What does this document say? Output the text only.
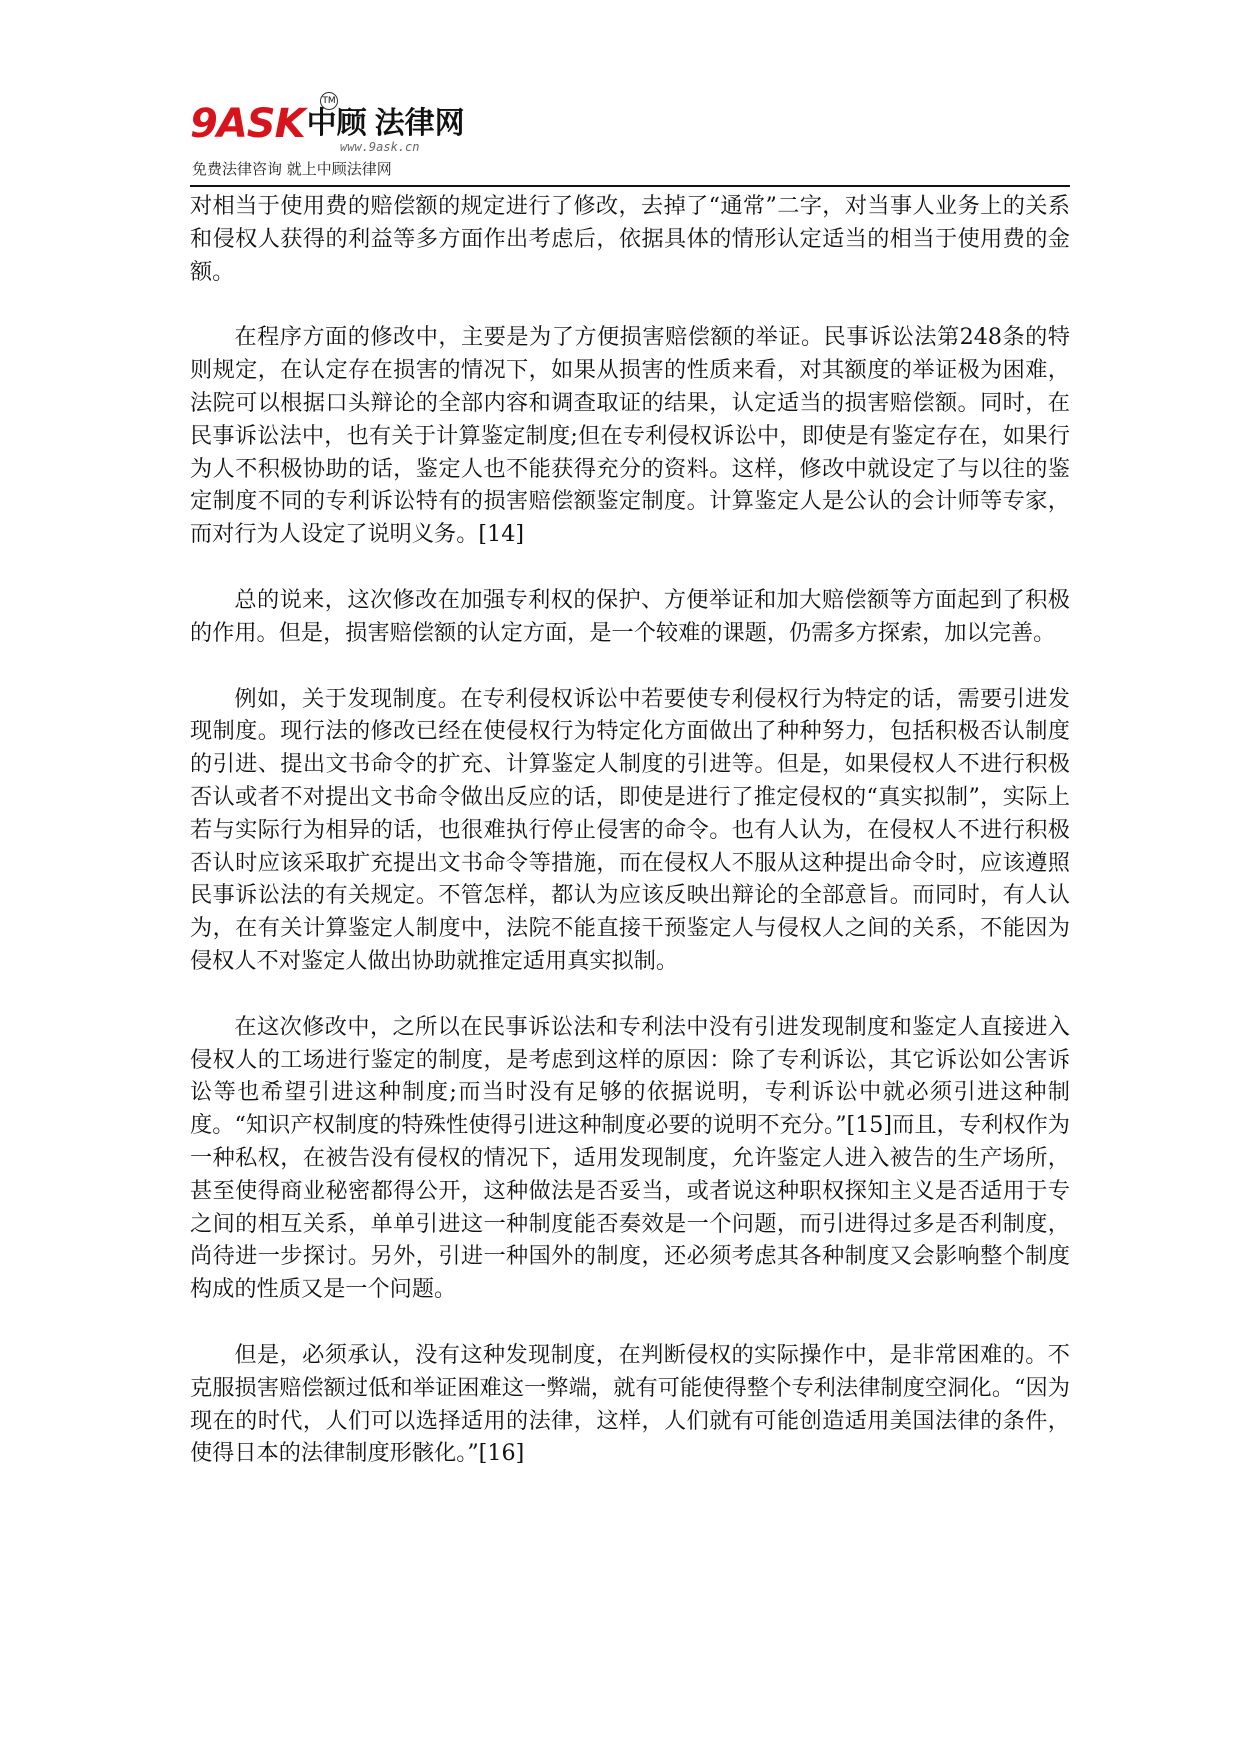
9ASK 中顾 法律网
TM
www.9ask.cn
免费法律咨询 就上中顾法律网

对相当于使用费的赔偿额的规定进行了修改，去掉了“通常”二字，对当事人业务上的关系和侵权人获得的利益等多方面作出考虑后，依据具体的情形认定适当的相当于使用费的金额。

在程序方面的修改中，主要是为了方便损害赔偿额的举证。民事诉讼法第248条的特则规定，在认定存在损害的情况下，如果从损害的性质来看，对其额度的举证极为困难，法院可以根据口头辩论的全部内容和调查取证的结果，认定适当的损害赔偿额。同时，在民事诉讼法中，也有关于计算鉴定制度;但在专利侵权诉讼中，即使是有鉴定存在，如果行为人不积极协助的话，鉴定人也不能获得充分的资料。这样，修改中就设定了与以往的鉴定制度不同的专利诉讼特有的损害赔偿额鉴定制度。计算鉴定人是公认的会计师等专家，而对行为人设定了说明义务。[14]

总的说来，这次修改在加强专利权的保护、方便举证和加大赔偿额等方面起到了积极的作用。但是，损害赔偿额的认定方面，是一个较难的课题，仍需多方探索，加以完善。

例如，关于发现制度。在专利侵权诉讼中若要使专利侵权行为特定的话，需要引进发现制度。现行法的修改已经在使侵权行为特定化方面做出了种种努力，包括积极否认制度的引进、提出文书命令的扩充、计算鉴定人制度的引进等。但是，如果侵权人不进行积极否认或者不对提出文书命令做出反应的话，即使是进行了推定侵权的“真实拟制”，实际上若与实际行为相异的话，也很难执行停止侵害的命令。也有人认为，在侵权人不进行积极否认时应该采取扩充提出文书命令等措施，而在侵权人不服从这种提出命令时，应该遵照民事诉讼法的有关规定。不管怎样，都认为应该反映出辩论的全部意旨。而同时，有人认为，在有关计算鉴定人制度中，法院不能直接干预鉴定人与侵权人之间的关系，不能因为侵权人不对鉴定人做出协助就推定适用真实拟制。

在这次修改中，之所以在民事诉讼法和专利法中没有引进发现制度和鉴定人直接进入侵权人的工场进行鉴定的制度，是考虑到这样的原因：除了专利诉讼，其它诉讼如公害诉讼等也希望引进这种制度;而当时没有足够的依据说明，专利诉讼中就必须引进这种制度。“知识产权制度的特殊性使得引进这种制度必要的说明不充分。”[15]而且，专利权作为一种私权，在被告没有侵权的情况下，适用发现制度，允许鉴定人进入被告的生产场所，甚至使得商业秘密都得公开，这种做法是否妥当，或者说这种职权探知主义是否适用于专之间的相互关系，单单引进这一种制度能否奏效是一个问题，而引进得过多是否利制度，尚待进一步探讨。另外，引进一种国外的制度，还必须考虑其各种制度又会影响整个制度构成的性质又是一个问题。

但是，必须承认，没有这种发现制度，在判断侵权的实际操作中，是非常困难的。不克服损害赔偿额过低和举证困难这一弊端，就有可能使得整个专利法律制度空洞化。“因为现在的时代，人们可以选择适用的法律，这样，人们就有可能创造适用美国法律的条件，使得日本的法律制度形骸化。”[16]
